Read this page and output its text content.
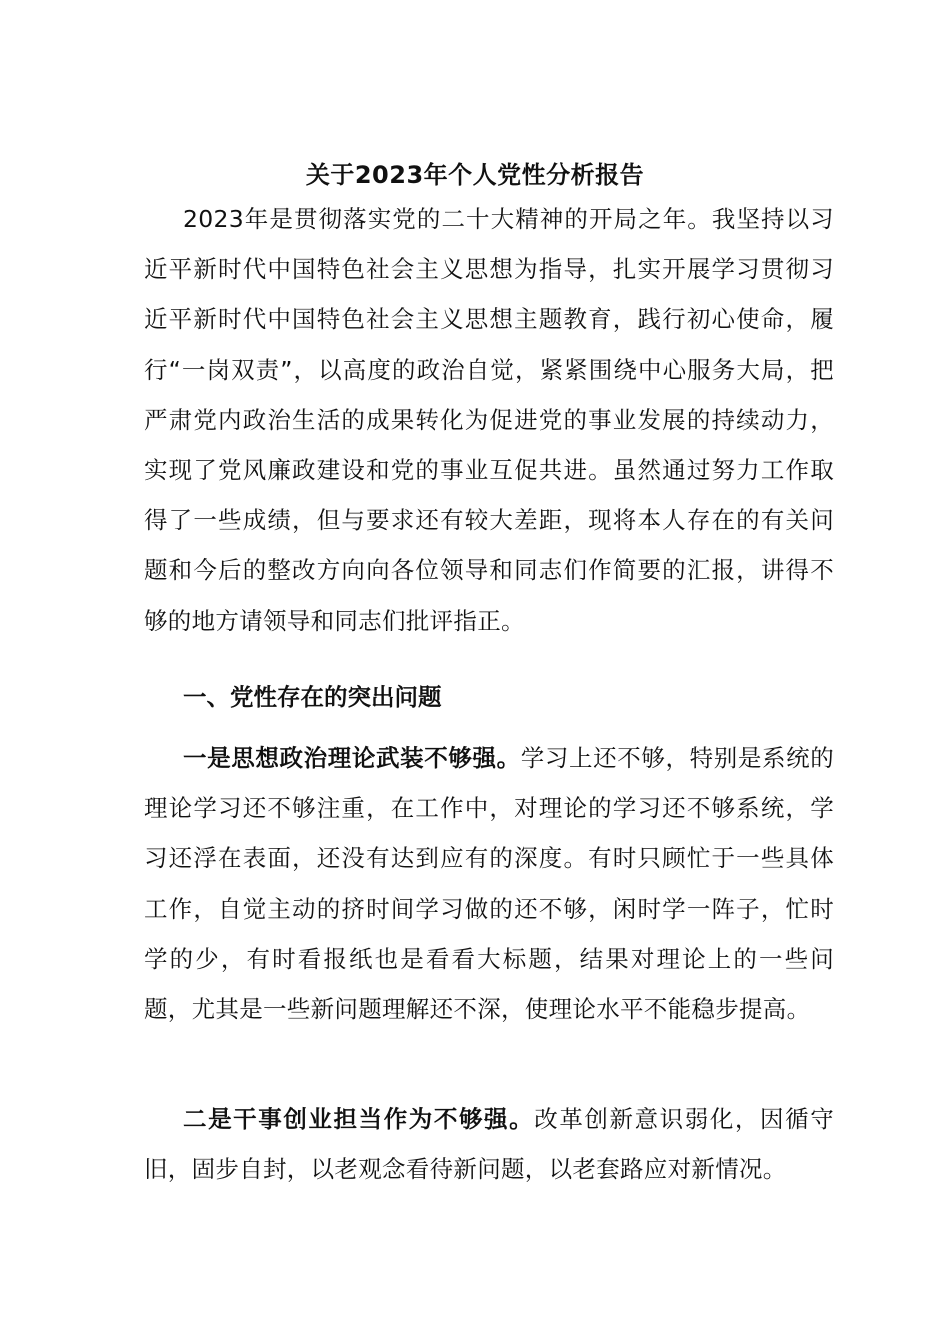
关于2023年个人党性分析报告

2023年是贯彻落实党的二十大精神的开局之年。我坚持以习近平新时代中国特色社会主义思想为指导，扎实开展学习贯彻习近平新时代中国特色社会主义思想主题教育，践行初心使命，履行“一岗双责”，以高度的政治自觉，紧紧围绕中心服务大局，把严肃党内政治生活的成果转化为促进党的事业发展的持续动力，实现了党风廉政建设和党的事业互促共进。虽然通过努力工作取得了一些成绩，但与要求还有较大差距，现将本人存在的有关问题和今后的整改方向向各位领导和同志们作简要的汇报，讲得不够的地方请领导和同志们批评指正。

一、党性存在的突出问题

一是思想政治理论武装不够强。学习上还不够，特别是系统的理论学习还不够注重，在工作中，对理论的学习还不够系统，学习还浮在表面，还没有达到应有的深度。有时只顾忙于一些具体工作，自觉主动的挤时间学习做的还不够，闲时学一阵子，忙时学的少，有时看报纸也是看看大标题，结果对理论上的一些问题，尤其是一些新问题理解还不深，使理论水平不能稳步提高。

二是干事创业担当作为不够强。改革创新意识弱化，因循守旧，固步自封，以老观念看待新问题，以老套路应对新情况。
